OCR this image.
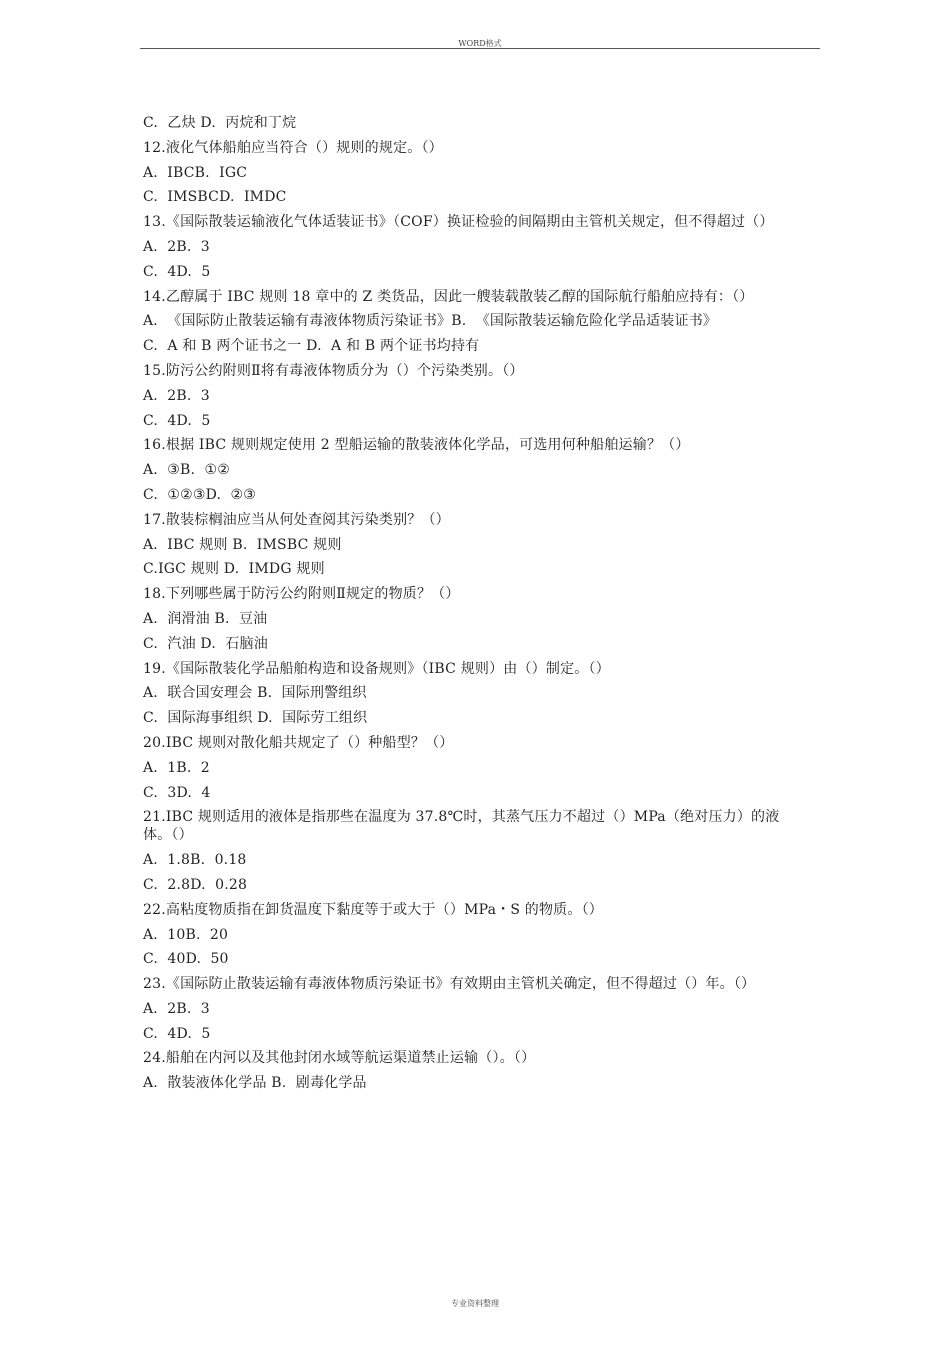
WORD格式
C.  乙炔 D.  丙烷和丁烷
12.液化气体船舶应当符合（）规则的规定。（）
A.  IBCB.  IGC
C.  IMSBCD.  IMDC
13.《国际散装运输液化气体适装证书》（COF）换证检验的间隔期由主管机关规定，但不得超过（）
A.  2B.  3
C.  4D.  5
14.乙醇属于 IBC 规则 18 章中的 Z 类货品，因此一艘装载散装乙醇的国际航行船舶应持有：（）
A.  《国际防止散装运输有毒液体物质污染证书》B.  《国际散装运输危险化学品适装证书》
C.  A 和 B 两个证书之一 D.  A 和 B 两个证书均持有
15.防污公约附则Ⅱ将有毒液体物质分为（）个污染类别。（）
A.  2B.  3
C.  4D.  5
16.根据 IBC 规则规定使用 2 型船运输的散装液体化学品，可选用何种船舶运输？（）
A.  ③B.  ①②
C.  ①②③D.  ②③
17.散装棕榈油应当从何处查阅其污染类别？（）
A.  IBC 规则 B.  IMSBC 规则
C.IGC 规则 D.  IMDG 规则
18.下列哪些属于防污公约附则Ⅱ规定的物质？（）
A.  润滑油 B.  豆油
C.  汽油 D.  石脑油
19.《国际散装化学品船舶构造和设备规则》（IBC 规则）由（）制定。（）
A.  联合国安理会 B.  国际刑警组织
C.  国际海事组织 D.  国际劳工组织
20.IBC 规则对散化船共规定了（）种船型？（）
A.  1B.  2
C.  3D.  4
21.IBC 规则适用的液体是指那些在温度为 37.8℃时，其蒸气压力不超过（）MPa（绝对压力）的液体。（）
A.  1.8B.  0.18
C.  2.8D.  0.28
22.高粘度物质指在卸货温度下黏度等于或大于（）MPa・S 的物质。（）
A.  10B.  20
C.  40D.  50
23.《国际防止散装运输有毒液体物质污染证书》有效期由主管机关确定，但不得超过（）年。（）
A.  2B.  3
C.  4D.  5
24.船舶在内河以及其他封闭水域等航运渠道禁止运输（）。（）
A.  散装液体化学品 B.  剧毒化学品
专业资料整理
